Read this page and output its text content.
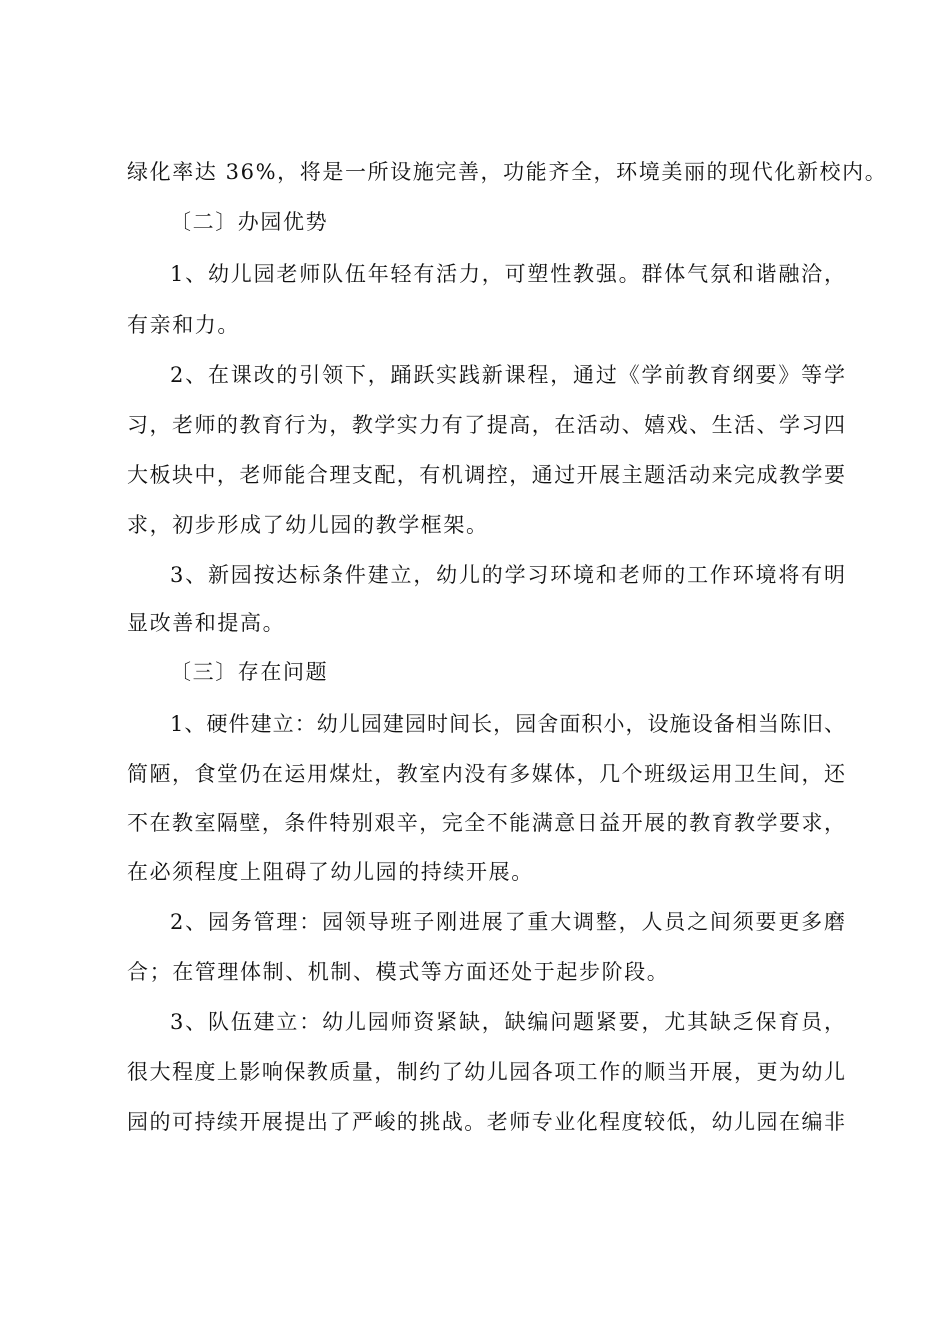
绿化率达 36%，将是一所设施完善，功能齐全，环境美丽的现代化新校内。
〔二〕办园优势
1、幼儿园老师队伍年轻有活力，可塑性教强。群体气氛和谐融洽，
有亲和力。
2、在课改的引领下，踊跃实践新课程，通过《学前教育纲要》等学
习，老师的教育行为，教学实力有了提高，在活动、嬉戏、生活、学习四
大板块中，老师能合理支配，有机调控，通过开展主题活动来完成教学要
求，初步形成了幼儿园的教学框架。
3、新园按达标条件建立，幼儿的学习环境和老师的工作环境将有明
显改善和提高。
〔三〕存在问题
1、硬件建立：幼儿园建园时间长，园舍面积小，设施设备相当陈旧、
简陋，食堂仍在运用煤灶，教室内没有多媒体，几个班级运用卫生间，还
不在教室隔壁，条件特别艰辛，完全不能满意日益开展的教育教学要求，
在必须程度上阻碍了幼儿园的持续开展。
2、园务管理：园领导班子刚进展了重大调整，人员之间须要更多磨
合；在管理体制、机制、模式等方面还处于起步阶段。
3、队伍建立：幼儿园师资紧缺，缺编问题紧要，尤其缺乏保育员，
很大程度上影响保教质量，制约了幼儿园各项工作的顺当开展，更为幼儿
园的可持续开展提出了严峻的挑战。老师专业化程度较低，幼儿园在编非
